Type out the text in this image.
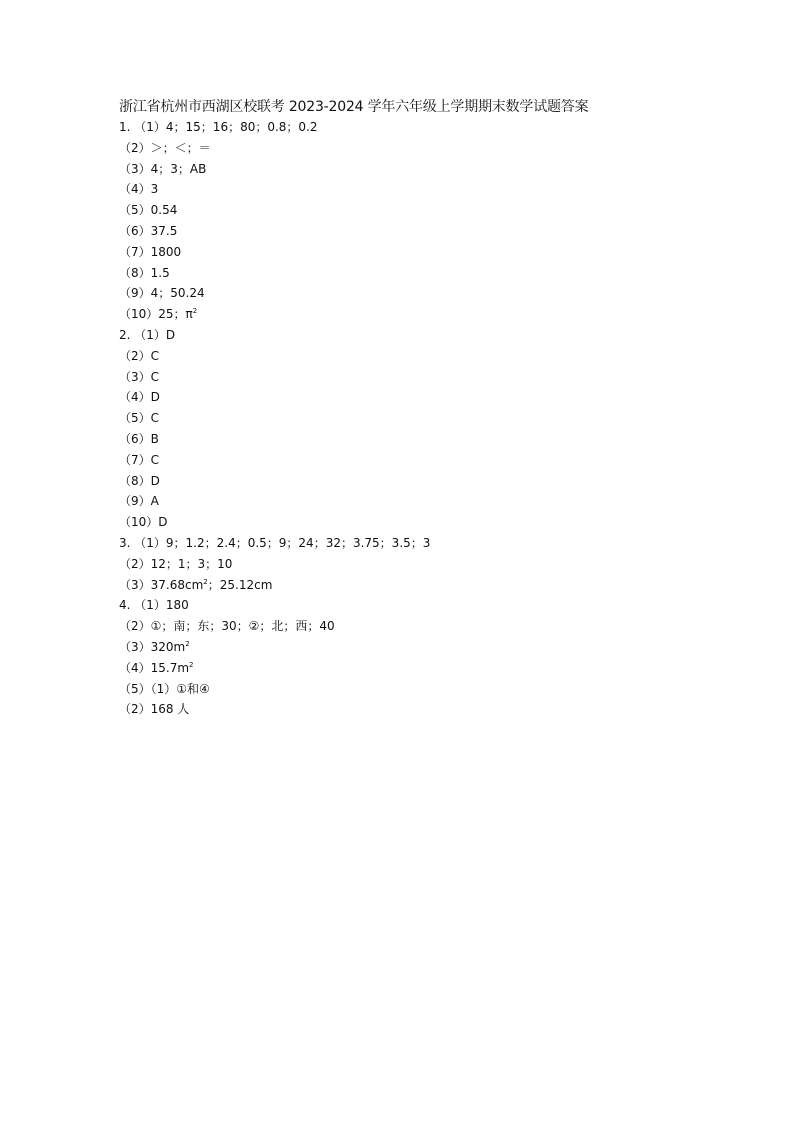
浙江省杭州市西湖区校联考 2023-2024 学年六年级上学期期末数学试题答案
1. （1）4；15；16；80；0.8；0.2
（2）＞；＜；＝
（3）4；3；AB
（4）3
（5）0.54
（6）37.5
（7）1800
（8）1.5
（9）4；50.24
（10）25；$\pi^2$
2. （1）D
（2）C
（3）C
（4）D
（5）C
（6）B
（7）C
（8）D
（9）A
（10）D
3. （1）9；1.2；2.4；0.5；9；24；32；3.75；3.5；3
（2）12；1；3；10
$(3)37.68cm^2$；25.12cm
4. （1）180
（2）①；南；东；30；②；北；西；40
$(3)320m^2$
$(4)15.7m^2$
（5）（1）①和④
（2）168 人
